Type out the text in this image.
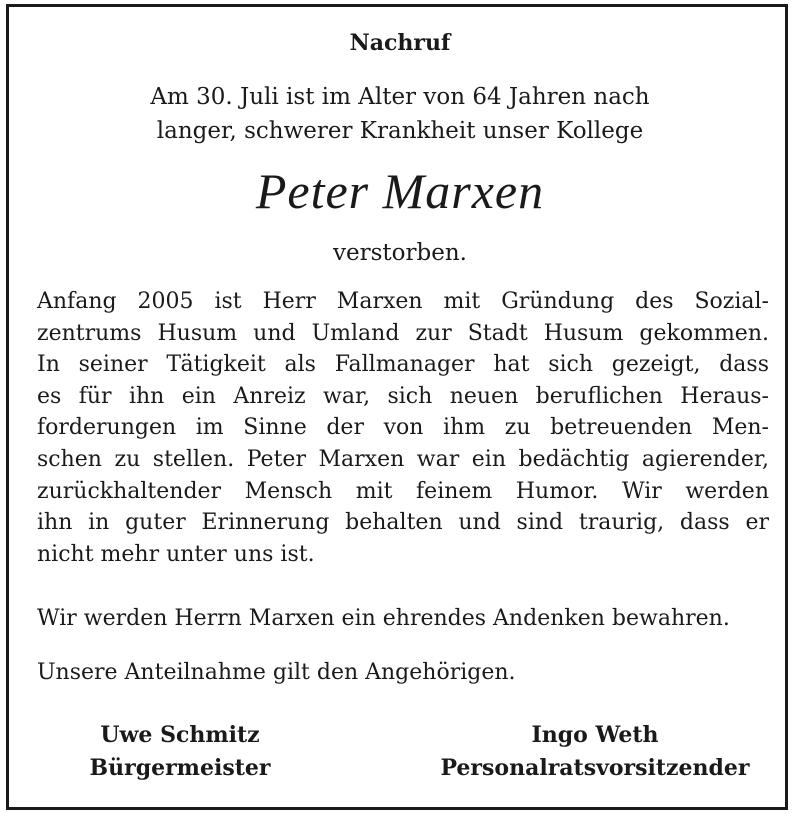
Nachruf
Am 30. Juli ist im Alter von 64 Jahren nach
langer, schwerer Krankheit unser Kollege
Peter Marxen
verstorben.
Anfang 2005 ist Herr Marxen mit Gründung des Sozial-
zentrums Husum und Umland zur Stadt Husum gekommen.
In seiner Tätigkeit als Fallmanager hat sich gezeigt, dass
es für ihn ein Anreiz war, sich neuen beruflichen Heraus-
forderungen im Sinne der von ihm zu betreuenden Men-
schen zu stellen. Peter Marxen war ein bedächtig agierender,
zurückhaltender Mensch mit feinem Humor. Wir werden
ihn in guter Erinnerung behalten und sind traurig, dass er
nicht mehr unter uns ist.
Wir werden Herrn Marxen ein ehrendes Andenken bewahren.
Unsere Anteilnahme gilt den Angehörigen.
Uwe Schmitz
Bürgermeister
Ingo Weth
Personalratsvorsitzender
